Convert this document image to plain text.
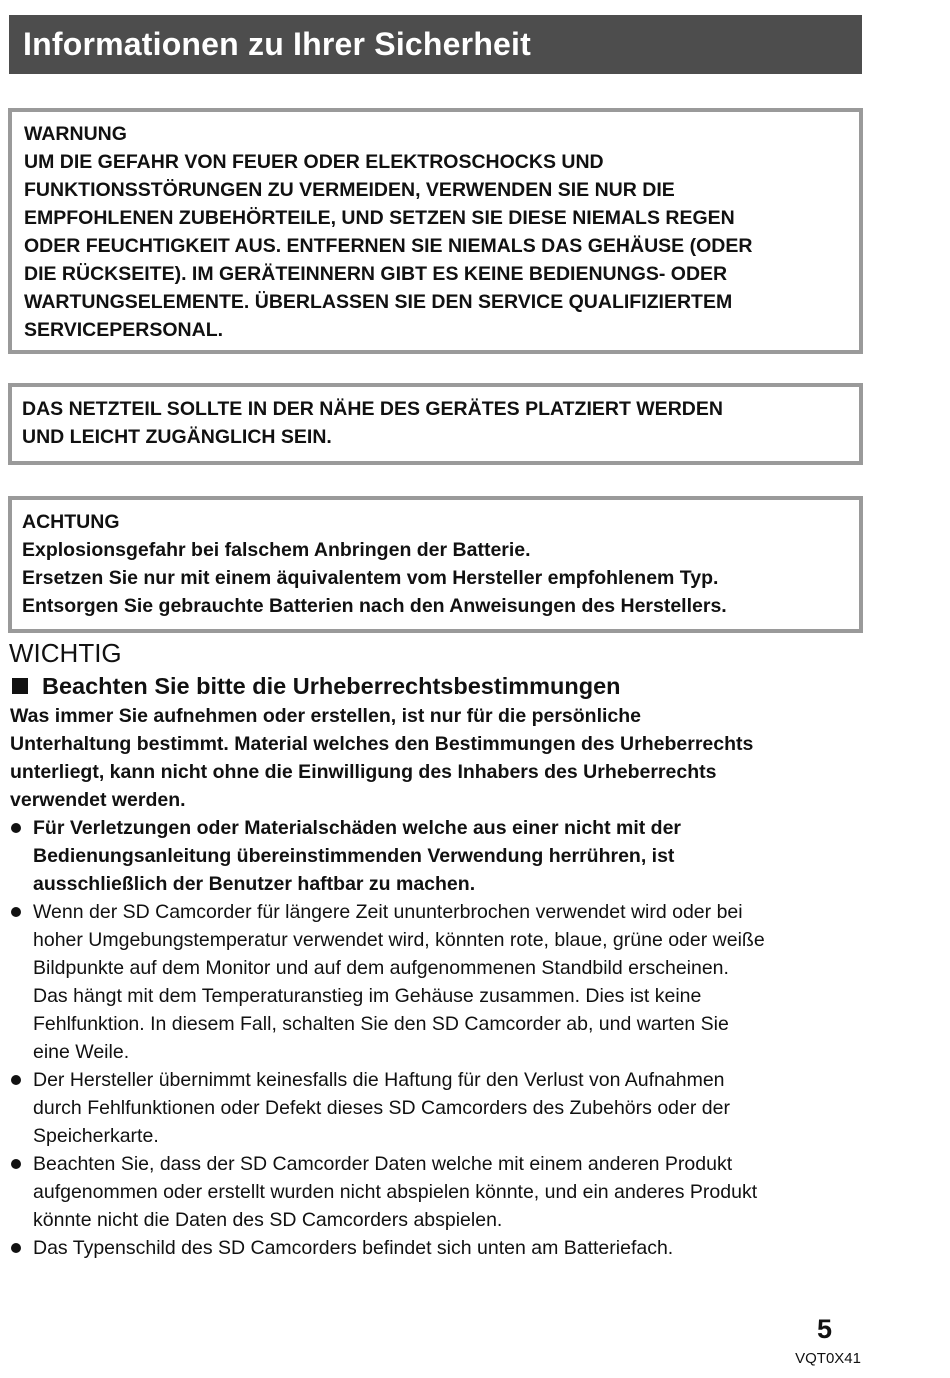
Informationen zu Ihrer Sicherheit
WARNUNG
UM DIE GEFAHR VON FEUER ODER ELEKTROSCHOCKS UND
FUNKTIONSSTÖRUNGEN ZU VERMEIDEN, VERWENDEN SIE NUR DIE
EMPFOHLENEN ZUBEHÖRTEILE, UND SETZEN SIE DIESE NIEMALS REGEN
ODER FEUCHTIGKEIT AUS. ENTFERNEN SIE NIEMALS DAS GEHÄUSE (ODER
DIE RÜCKSEITE). IM GERÄTEINNERN GIBT ES KEINE BEDIENUNGS- ODER
WARTUNGSELEMENTE. ÜBERLASSEN SIE DEN SERVICE QUALIFIZIERTEM
SERVICEPERSONAL.
DAS NETZTEIL SOLLTE IN DER NÄHE DES GERÄTES PLATZIERT WERDEN
UND LEICHT ZUGÄNGLICH SEIN.
ACHTUNG
Explosionsgefahr bei falschem Anbringen der Batterie.
Ersetzen Sie nur mit einem äquivalentem vom Hersteller empfohlenem Typ.
Entsorgen Sie gebrauchte Batterien nach den Anweisungen des Herstellers.
WICHTIG
Beachten Sie bitte die Urheberrechtsbestimmungen
Was immer Sie aufnehmen oder erstellen, ist nur für die persönliche
Unterhaltung bestimmt. Material welches den Bestimmungen des Urheberrechts
unterliegt, kann nicht ohne die Einwilligung des Inhabers des Urheberrechts
verwendet werden.
Für Verletzungen oder Materialschäden welche aus einer nicht mit der
Bedienungsanleitung übereinstimmenden Verwendung herrühren, ist
ausschließlich der Benutzer haftbar zu machen.
Wenn der SD Camcorder für längere Zeit ununterbrochen verwendet wird oder bei
hoher Umgebungstemperatur verwendet wird, könnten rote, blaue, grüne oder weiße
Bildpunkte auf dem Monitor und auf dem aufgenommenen Standbild erscheinen.
Das hängt mit dem Temperaturanstieg im Gehäuse zusammen. Dies ist keine
Fehlfunktion. In diesem Fall, schalten Sie den SD Camcorder ab, und warten Sie
eine Weile.
Der Hersteller übernimmt keinesfalls die Haftung für den Verlust von Aufnahmen
durch Fehlfunktionen oder Defekt dieses SD Camcorders des Zubehörs oder der
Speicherkarte.
Beachten Sie, dass der SD Camcorder Daten welche mit einem anderen Produkt
aufgenommen oder erstellt wurden nicht abspielen könnte, und ein anderes Produkt
könnte nicht die Daten des SD Camcorders abspielen.
Das Typenschild des SD Camcorders befindet sich unten am Batteriefach.
5
VQT0X41
